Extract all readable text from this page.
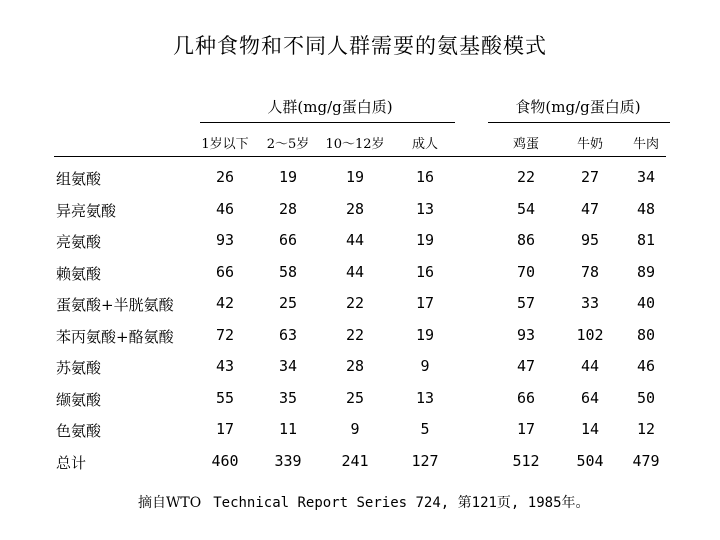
几种食物和不同人群需要的氨基酸模式
人群(mg/g蛋白质)	食物(mg/g蛋白质)
1岁以下 2～5岁 10～12岁 成人	鸡蛋	牛奶 牛肉
组氨酸	26	19	19	16	22	27	34
异亮氨酸	46	28	28	13	54	47	48
亮氨酸	93	66	44	19	86	95	81
赖氨酸	66	58	44	16	70	78	89
蛋氨酸+半胱氨酸	42	25	22	17	57	33	40
苯丙氨酸+酪氨酸	72	63	22	19	93	102 80
苏氨酸	43	34	28	9	47	44	46
缬氨酸	55	35	25	13	66	64	50
色氨酸	17	11	9	5	17	14	12
总计	460 339	241	127	512 504 479
摘自WTO Technical Report Series 724, 第121页, 1985年。
